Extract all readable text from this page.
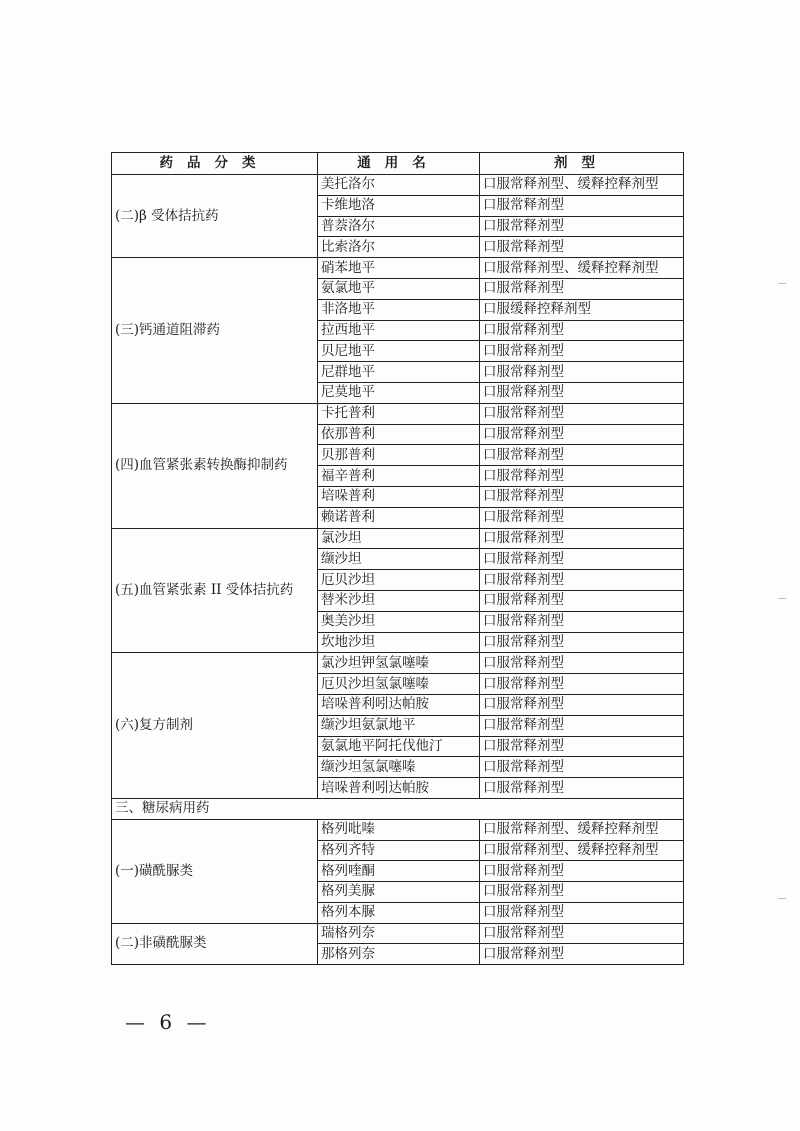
药品分类	通用名	剂型
(二)β 受体拮抗药	美托洛尔	口服常释剂型、缓释控释剂型
	卡维地洛	口服常释剂型
	普萘洛尔	口服常释剂型
	比索洛尔	口服常释剂型
(三)钙通道阻滞药	硝苯地平	口服常释剂型、缓释控释剂型
	氨氯地平	口服常释剂型
	非洛地平	口服缓释控释剂型
	拉西地平	口服常释剂型
	贝尼地平	口服常释剂型
	尼群地平	口服常释剂型
	尼莫地平	口服常释剂型
(四)血管紧张素转换酶抑制药	卡托普利	口服常释剂型
	依那普利	口服常释剂型
	贝那普利	口服常释剂型
	福辛普利	口服常释剂型
	培哚普利	口服常释剂型
	赖诺普利	口服常释剂型
(五)血管紧张素 II 受体拮抗药	氯沙坦	口服常释剂型
	缬沙坦	口服常释剂型
	厄贝沙坦	口服常释剂型
	替米沙坦	口服常释剂型
	奥美沙坦	口服常释剂型
	坎地沙坦	口服常释剂型
(六)复方制剂	氯沙坦钾氢氯噻嗪	口服常释剂型
	厄贝沙坦氢氯噻嗪	口服常释剂型
	培哚普利吲达帕胺	口服常释剂型
	缬沙坦氨氯地平	口服常释剂型
	氨氯地平阿托伐他汀	口服常释剂型
	缬沙坦氢氯噻嗪	口服常释剂型
	培哚普利吲达帕胺	口服常释剂型
三、糖尿病用药		
(一)磺酰脲类	格列吡嗪	口服常释剂型、缓释控释剂型
	格列齐特	口服常释剂型、缓释控释剂型
	格列喹酮	口服常释剂型
	格列美脲	口服常释剂型
	格列本脲	口服常释剂型
(二)非磺酰脲类	瑞格列奈	口服常释剂型
	那格列奈	口服常释剂型
— 6 —
